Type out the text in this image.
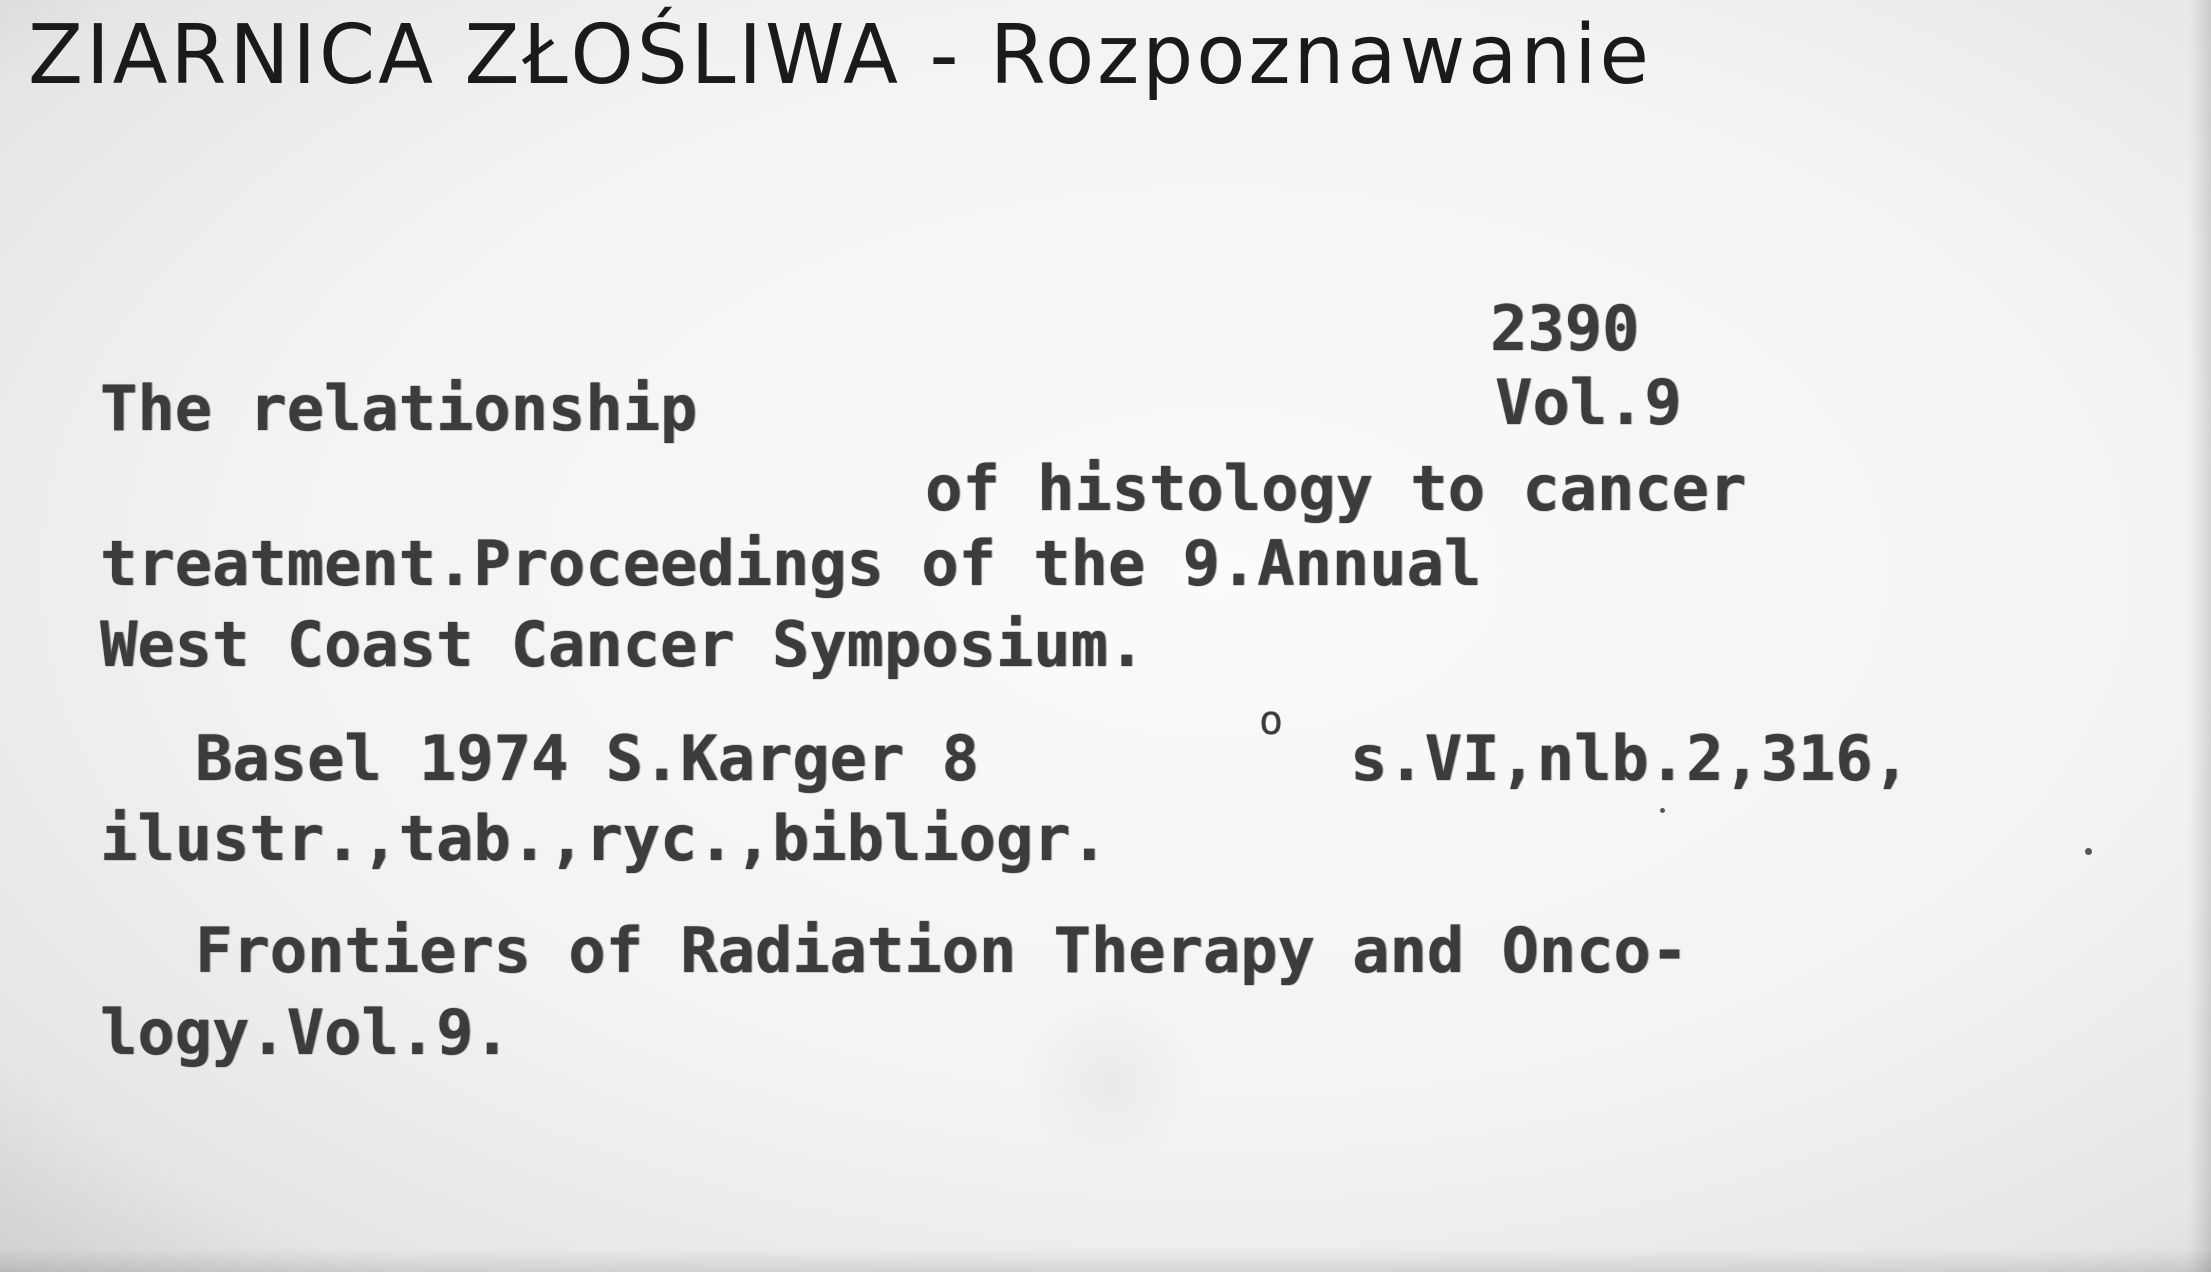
ZIARNICA ZŁOŚLIWA - Rozpoznawanie
2390
Vol.9
The relationship
of histology to cancer
treatment.Proceedings of the 9.Annual
West Coast Cancer Symposium.
Basel 1974 S.Karger 8
o
s.VI,nlb.2,316,
ilustr.,tab.,ryc.,bibliogr.
Frontiers of Radiation Therapy and Onco-
logy.Vol.9.
